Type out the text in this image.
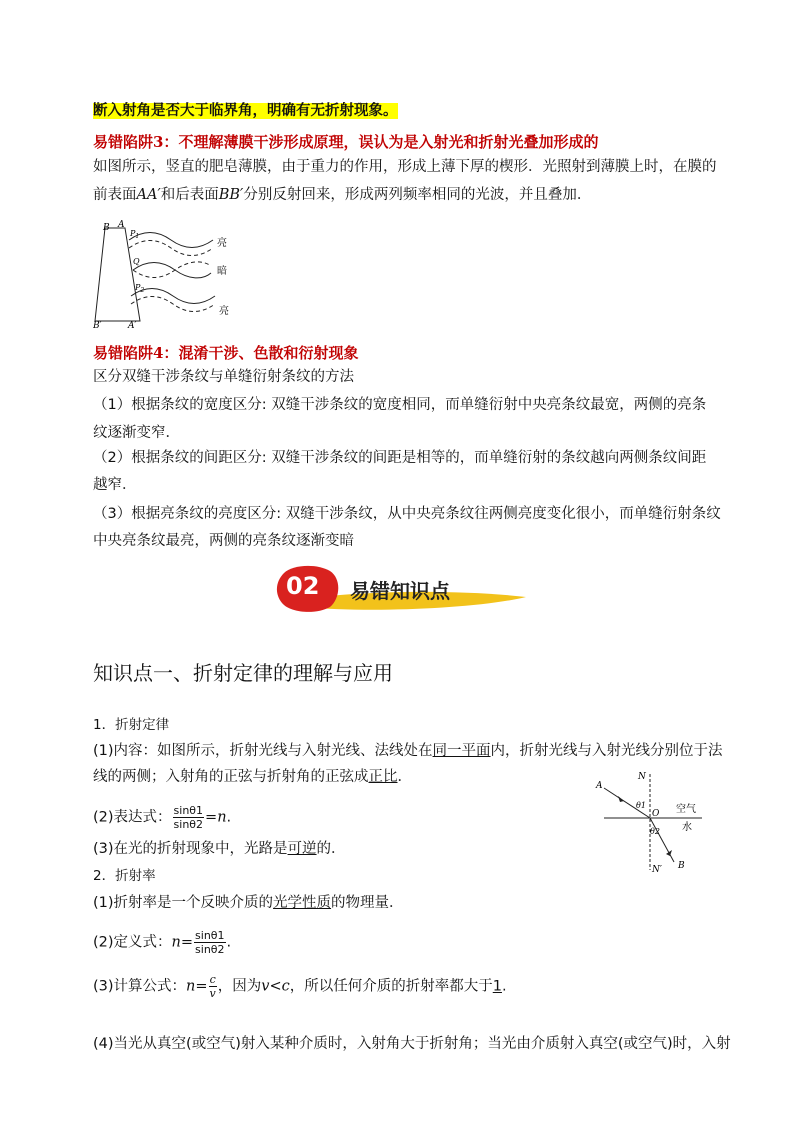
断入射角是否大于临界角，明确有无折射现象。
易错陷阱3：不理解薄膜干涉形成原理，误认为是入射光和折射光叠加形成的
如图所示，竖直的肥皂薄膜，由于重力的作用，形成上薄下厚的楔形．光照射到薄膜上时，在膜的
前表面AA′和后表面BB′分别反射回来，形成两列频率相同的光波，并且叠加．
B A
$P_1$
Q
$P_2$
B′	A′
亮
暗
亮
易错陷阱4：混淆干涉、色散和衍射现象
区分双缝干涉条纹与单缝衍射条纹的方法
（1）根据条纹的宽度区分: 双缝干涉条纹的宽度相同，而单缝衍射中央亮条纹最宽，两侧的亮条
纹逐渐变窄．
（2）根据条纹的间距区分: 双缝干涉条纹的间距是相等的，而单缝衍射的条纹越向两侧条纹间距
越窄．
（3）根据亮条纹的亮度区分: 双缝干涉条纹，从中央亮条纹往两侧亮度变化很小，而单缝衍射条纹
中央亮条纹最亮，两侧的亮条纹逐渐变暗
02 易错知识点
知识点一、折射定律的理解与应用
1．折射定律
(1)内容：如图所示，折射光线与入射光线、法线处在同一平面内，折射光线与入射光线分别位于法
线的两侧；入射角的正弦与折射角的正弦成正比．
(2)表达式： $\frac{\sin\theta 1}{\sin\theta 2} =n$.
(3)在光的折射现象中，光路是可逆的．
2．折射率
(1)折射率是一个反映介质的光学性质的物理量．
(2)定义式：$n= \frac{\sin\theta 1}{\sin\theta 2}$ .
(3)计算公式：$n= \frac{c}{v}$ ，因为v<c，所以任何介质的折射率都大于1.
(4)当光从真空(或空气)射入某种介质时，入射角大于折射角；当光由介质射入真空(或空气)时，入射
N
A
θ1
O 空气
水
θ2
N′ B
